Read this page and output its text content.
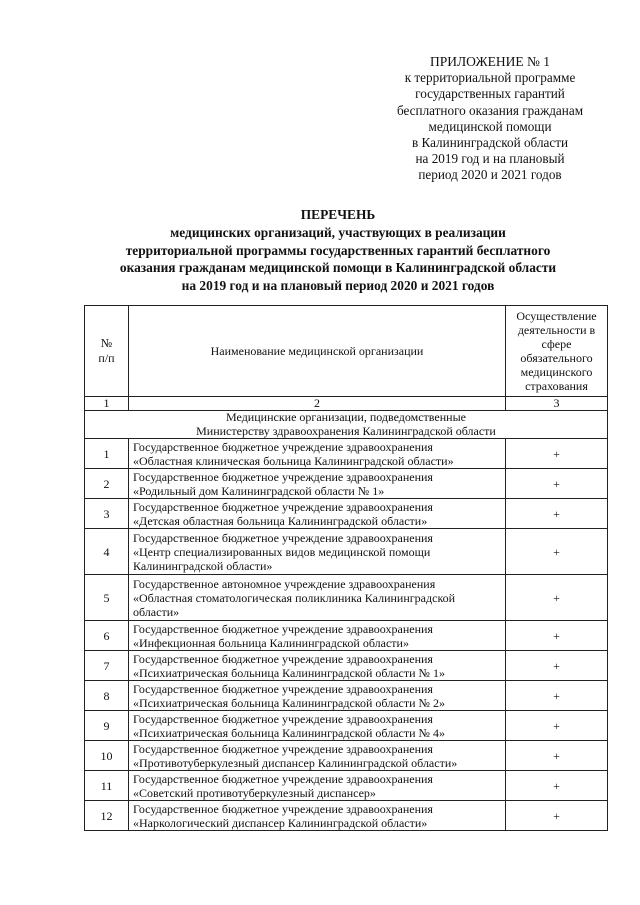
ПРИЛОЖЕНИЕ № 1
к территориальной программе
государственных гарантий
бесплатного оказания гражданам
медицинской помощи
в Калининградской области
на 2019 год и на плановый
период 2020 и 2021 годов
ПЕРЕЧЕНЬ
медицинских организаций, участвующих в реализации
территориальной программы государственных гарантий бесплатного
оказания гражданам медицинской помощи в Калининградской области
на 2019 год и на плановый период 2020 и 2021 годов
№
п/п	Наименование медицинской организации	Осуществление деятельности в сфере обязательного медицинского страхования
1	2	3

Медицинские организации, подведомственные
Министерству здравоохранения Калининградской области		

1	Государственное бюджетное учреждение здравоохранения
«Областная клиническая больница Калининградской области»	+
2	Государственное бюджетное учреждение здравоохранения
«Родильный дом Калининградской области № 1»	+
3	Государственное бюджетное учреждение здравоохранения
«Детская областная больница Калининградской области»	+
4	Государственное бюджетное учреждение здравоохранения
«Центр специализированных видов медицинской помощи
Калининградской области»	+
5	Государственное автономное учреждение здравоохранения
«Областная стоматологическая поликлиника Калининградской
области»	+
6	Государственное бюджетное учреждение здравоохранения
«Инфекционная больница Калининградской области»	+
7	Государственное бюджетное учреждение здравоохранения
«Психиатрическая больница Калининградской области № 1»	+
8	Государственное бюджетное учреждение здравоохранения
«Психиатрическая больница Калининградской области № 2»	+
9	Государственное бюджетное учреждение здравоохранения
«Психиатрическая больница Калининградской области № 4»	+
10	Государственное бюджетное учреждение здравоохранения
«Противотуберкулезный диспансер Калининградской области»	+
11	Государственное бюджетное учреждение здравоохранения
«Советский противотуберкулезный диспансер»	+
12	Государственное бюджетное учреждение здравоохранения
«Наркологический диспансер Калининградской области»	+
